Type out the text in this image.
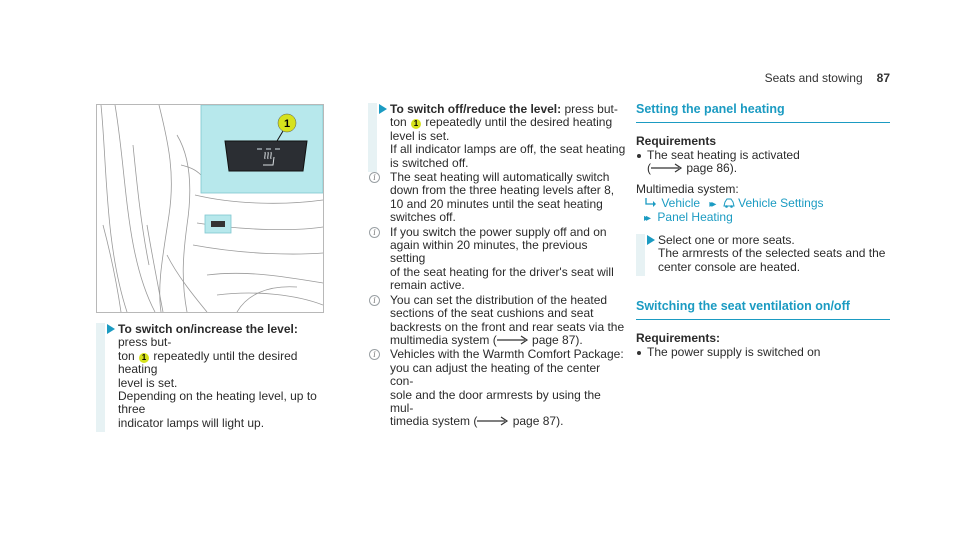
Seats and stowing 87
1
To switch on/increase the level: press but-
ton 1 repeatedly until the desired heating
level is set.
Depending on the heating level, up to three
indicator lamps will light up.
To switch off/reduce the level: press but-
ton 1 repeatedly until the desired heating
level is set.
If all indicator lamps are off, the seat heating
is switched off.
i	The seat heating will automatically switch
down from the three heating levels after 8,
10 and 20 minutes until the seat heating
switches off.
i	If you switch the power supply off and on
again within 20 minutes, the previous setting
of the seat heating for the driver's seat will
remain active.
i	You can set the distribution of the heated
sections of the seat cushions and seat
backrests on the front and rear seats via the
multimedia system (	page 87).
i	Vehicles with the Warmth Comfort Package:
you can adjust the heating of the center con-
sole and the door armrests by using the mul-
timedia system (	page 87).
Setting the panel heating
Requirements
The seat heating is activated
(	page 86).
Multimedia system:
Vehicle ▸▸ Vehicle Settings
▸▸ Panel Heating
Select one or more seats.
The armrests of the selected seats and the
center console are heated.
Switching the seat ventilation on/off
Requirements:
The power supply is switched on
